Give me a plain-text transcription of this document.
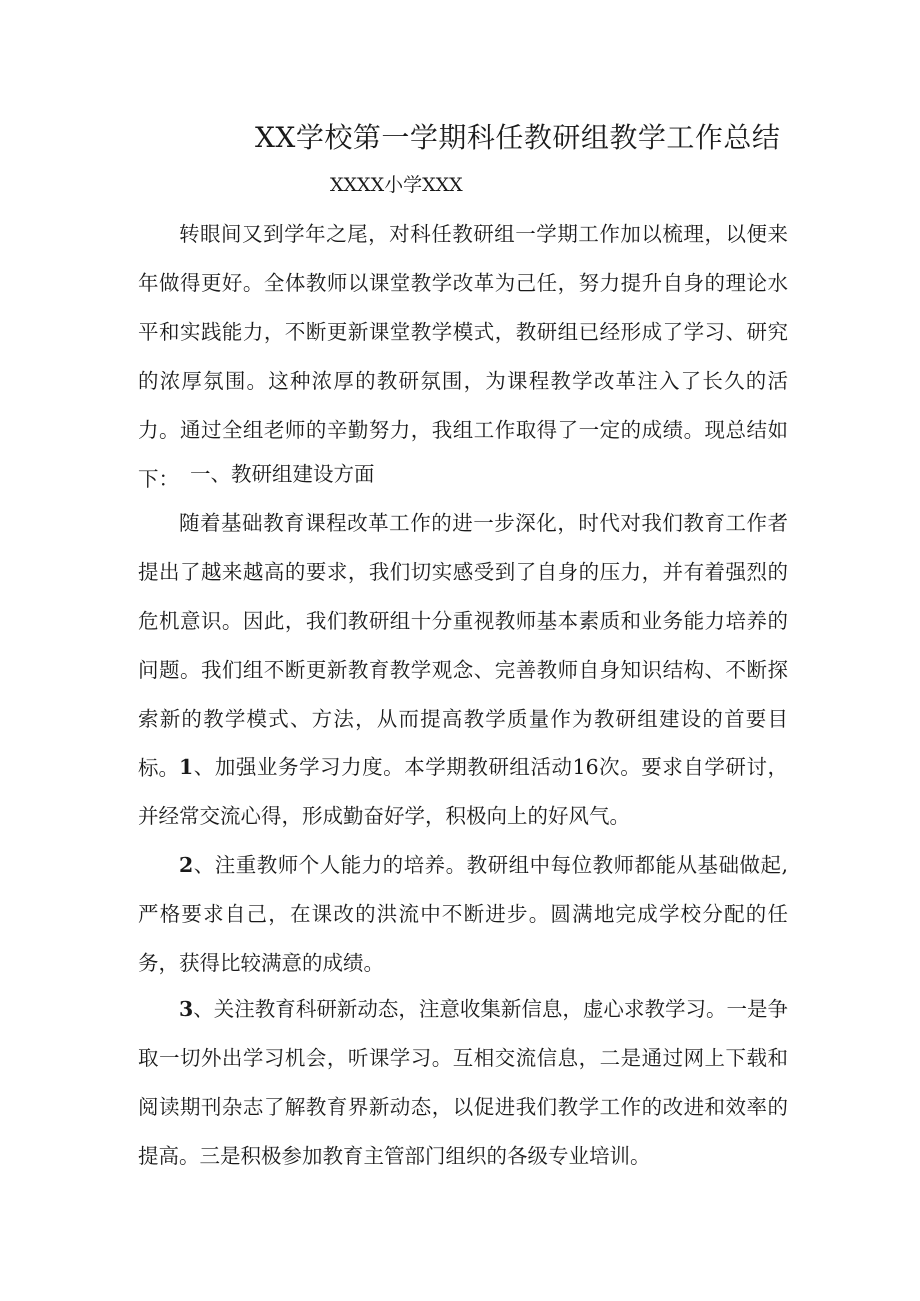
XX学校第一学期科任教研组教学工作总结
XXXX小学XXX

转眼间又到学年之尾，对科任教研组一学期工作加以梳理，以便来年做得更好。全体教师以课堂教学改革为己任，努力提升自身的理论水平和实践能力，不断更新课堂教学模式，教研组已经形成了学习、研究的浓厚氛围。这种浓厚的教研氛围，为课程教学改革注入了长久的活力。通过全组老师的辛勤努力，我组工作取得了一定的成绩。现总结如下： 一、教研组建设方面

随着基础教育课程改革工作的进一步深化，时代对我们教育工作者提出了越来越高的要求，我们切实感受到了自身的压力，并有着强烈的危机意识。因此，我们教研组十分重视教师基本素质和业务能力培养的问题。我们组不断更新教育教学观念、完善教师自身知识结构、不断探索新的教学模式、方法，从而提高教学质量作为教研组建设的首要目标。 1、加强业务学习力度。本学期教研组活动16次。要求自学研讨，并经常交流心得，形成勤奋好学，积极向上的好风气。

2、注重教师个人能力的培养。教研组中每位教师都能从基础做起,严格要求自己，在课改的洪流中不断进步。圆满地完成学校分配的任务，获得比较满意的成绩。

3、关注教育科研新动态，注意收集新信息，虚心求教学习。一是争取一切外出学习机会，听课学习。互相交流信息，二是通过网上下载和阅读期刊杂志了解教育界新动态，以促进我们教学工作的改进和效率的提高。三是积极参加教育主管部门组织的各级专业培训。
